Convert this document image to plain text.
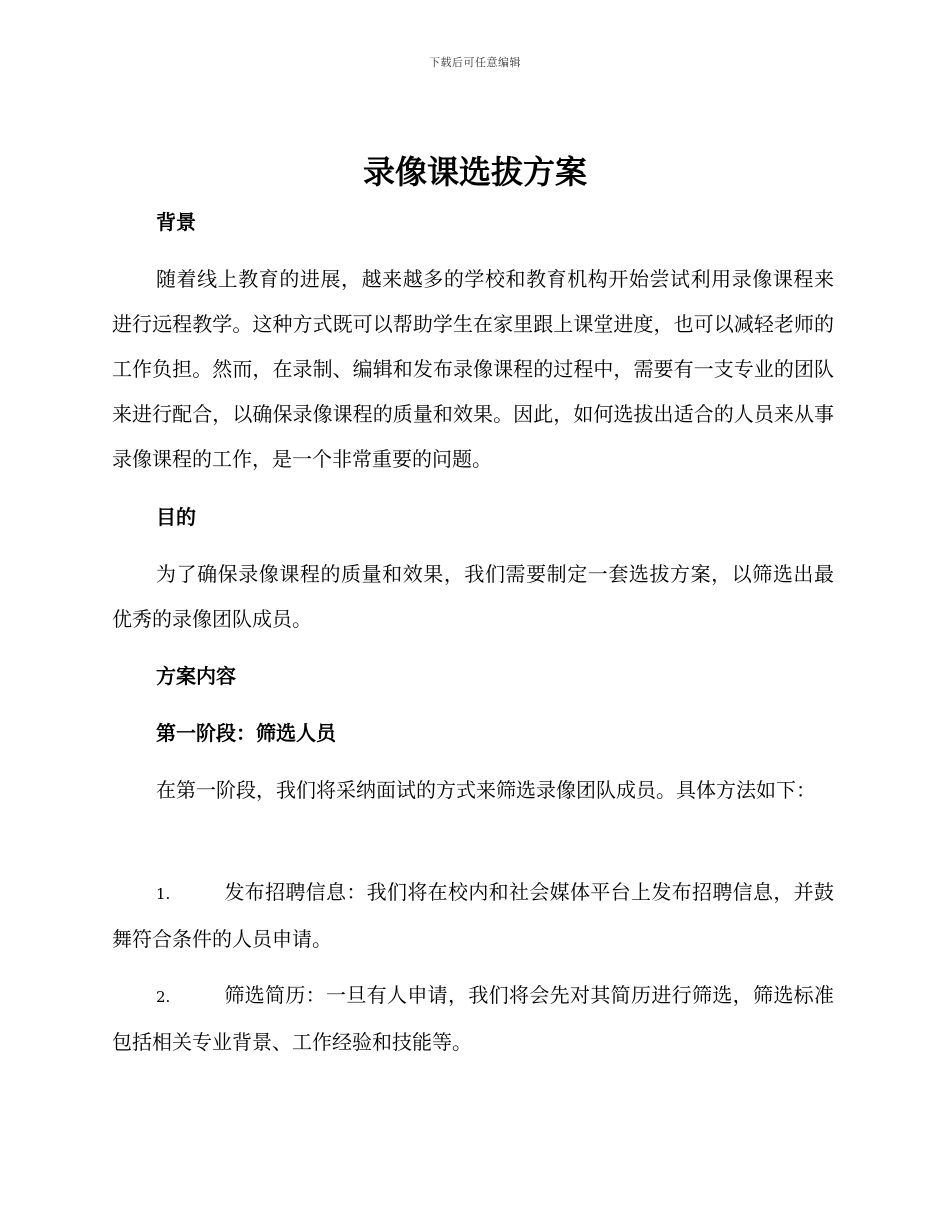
下载后可任意编辑
录像课选拔方案
背景

随着线上教育的进展，越来越多的学校和教育机构开始尝试利用录像课程来进行远程教学。这种方式既可以帮助学生在家里跟上课堂进度，也可以减轻老师的工作负担。然而，在录制、编辑和发布录像课程的过程中，需要有一支专业的团队来进行配合，以确保录像课程的质量和效果。因此，如何选拔出适合的人员来从事录像课程的工作，是一个非常重要的问题。

目的

为了确保录像课程的质量和效果，我们需要制定一套选拔方案，以筛选出最优秀的录像团队成员。

方案内容
第一阶段：筛选人员

在第一阶段，我们将采纳面试的方式来筛选录像团队成员。具体方法如下：

1.	发布招聘信息：我们将在校内和社会媒体平台上发布招聘信息，并鼓舞符合条件的人员申请。

2.	筛选简历：一旦有人申请，我们将会先对其简历进行筛选，筛选标准包括相关专业背景、工作经验和技能等。
